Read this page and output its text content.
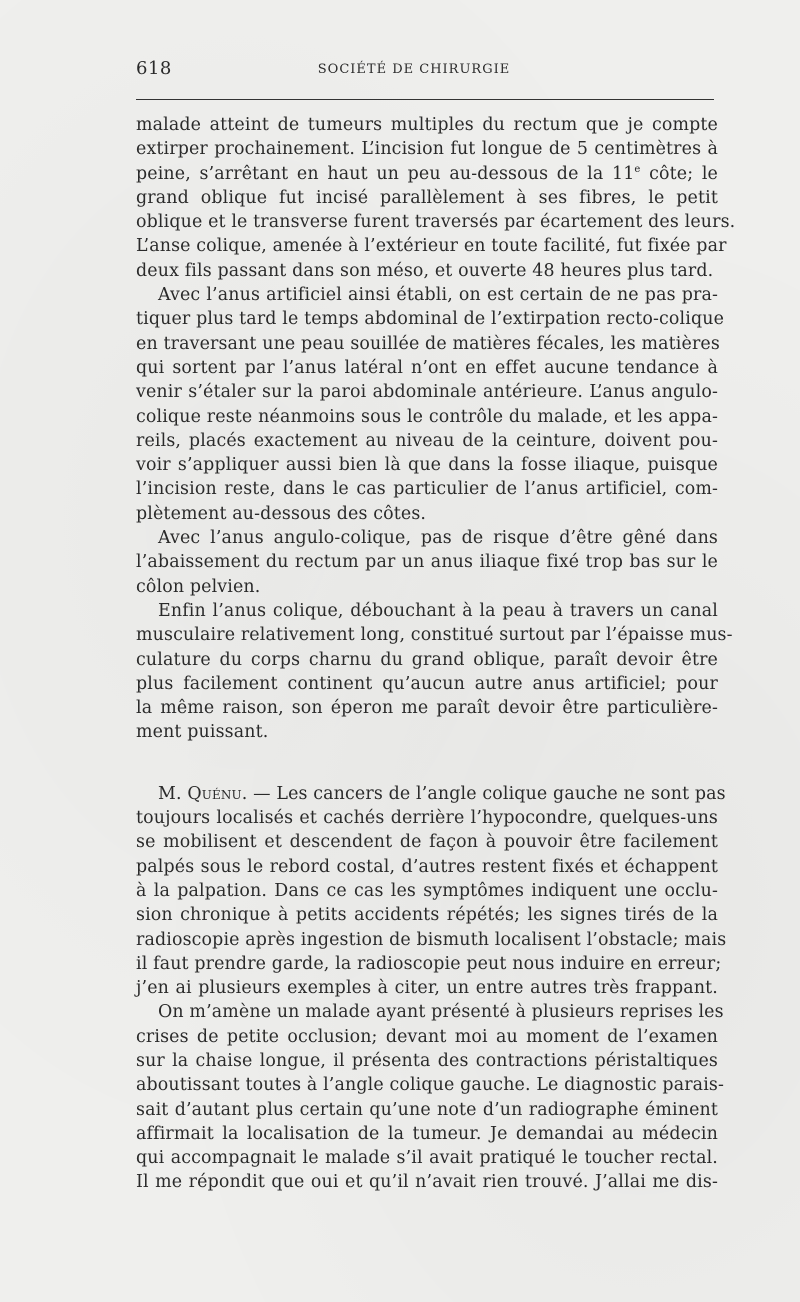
618	SOCIÉTÉ DE CHIRURGIE

malade atteint de tumeurs multiples du rectum que je compte
extirper prochainement. L’incision fut longue de 5 centimètres à
peine, s’arrêtant en haut un peu au-dessous de la 11e côte; le
grand oblique fut incisé parallèlement à ses fibres, le petit
oblique et le transverse furent traversés par écartement des leurs.
L’anse colique, amenée à l’extérieur en toute facilité, fut fixée par
deux fils passant dans son méso, et ouverte 48 heures plus tard.

Avec l’anus artificiel ainsi établi, on est certain de ne pas pra-
tiquer plus tard le temps abdominal de l’extirpation recto-colique
en traversant une peau souillée de matières fécales, les matières
qui sortent par l’anus latéral n’ont en effet aucune tendance à
venir s’étaler sur la paroi abdominale antérieure. L’anus angulo-
colique reste néanmoins sous le contrôle du malade, et les appa-
reils, placés exactement au niveau de la ceinture, doivent pou-
voir s’appliquer aussi bien là que dans la fosse iliaque, puisque
l’incision reste, dans le cas particulier de l’anus artificiel, com-
plètement au-dessous des côtes.

Avec l’anus angulo-colique, pas de risque d’être gêné dans
l’abaissement du rectum par un anus iliaque fixé trop bas sur le
côlon pelvien.

Enfin l’anus colique, débouchant à la peau à travers un canal
musculaire relativement long, constitué surtout par l’épaisse mus-
culature du corps charnu du grand oblique, paraît devoir être
plus facilement continent qu’aucun autre anus artificiel; pour
la même raison, son éperon me paraît devoir être particulière-
ment puissant.

M. Quénu. — Les cancers de l’angle colique gauche ne sont pas
toujours localisés et cachés derrière l’hypocondre, quelques-uns
se mobilisent et descendent de façon à pouvoir être facilement
palpés sous le rebord costal, d’autres restent fixés et échappent
à la palpation. Dans ce cas les symptômes indiquent une occlu-
sion chronique à petits accidents répétés; les signes tirés de la
radioscopie après ingestion de bismuth localisent l’obstacle; mais
il faut prendre garde, la radioscopie peut nous induire en erreur;
j’en ai plusieurs exemples à citer, un entre autres très frappant.

On m’amène un malade ayant présenté à plusieurs reprises les
crises de petite occlusion; devant moi au moment de l’examen
sur la chaise longue, il présenta des contractions péristaltiques
aboutissant toutes à l’angle colique gauche. Le diagnostic parais-
sait d’autant plus certain qu’une note d’un radiographe éminent
affirmait la localisation de la tumeur. Je demandai au médecin
qui accompagnait le malade s’il avait pratiqué le toucher rectal.
Il me répondit que oui et qu’il n’avait rien trouvé. J’allai me dis-
